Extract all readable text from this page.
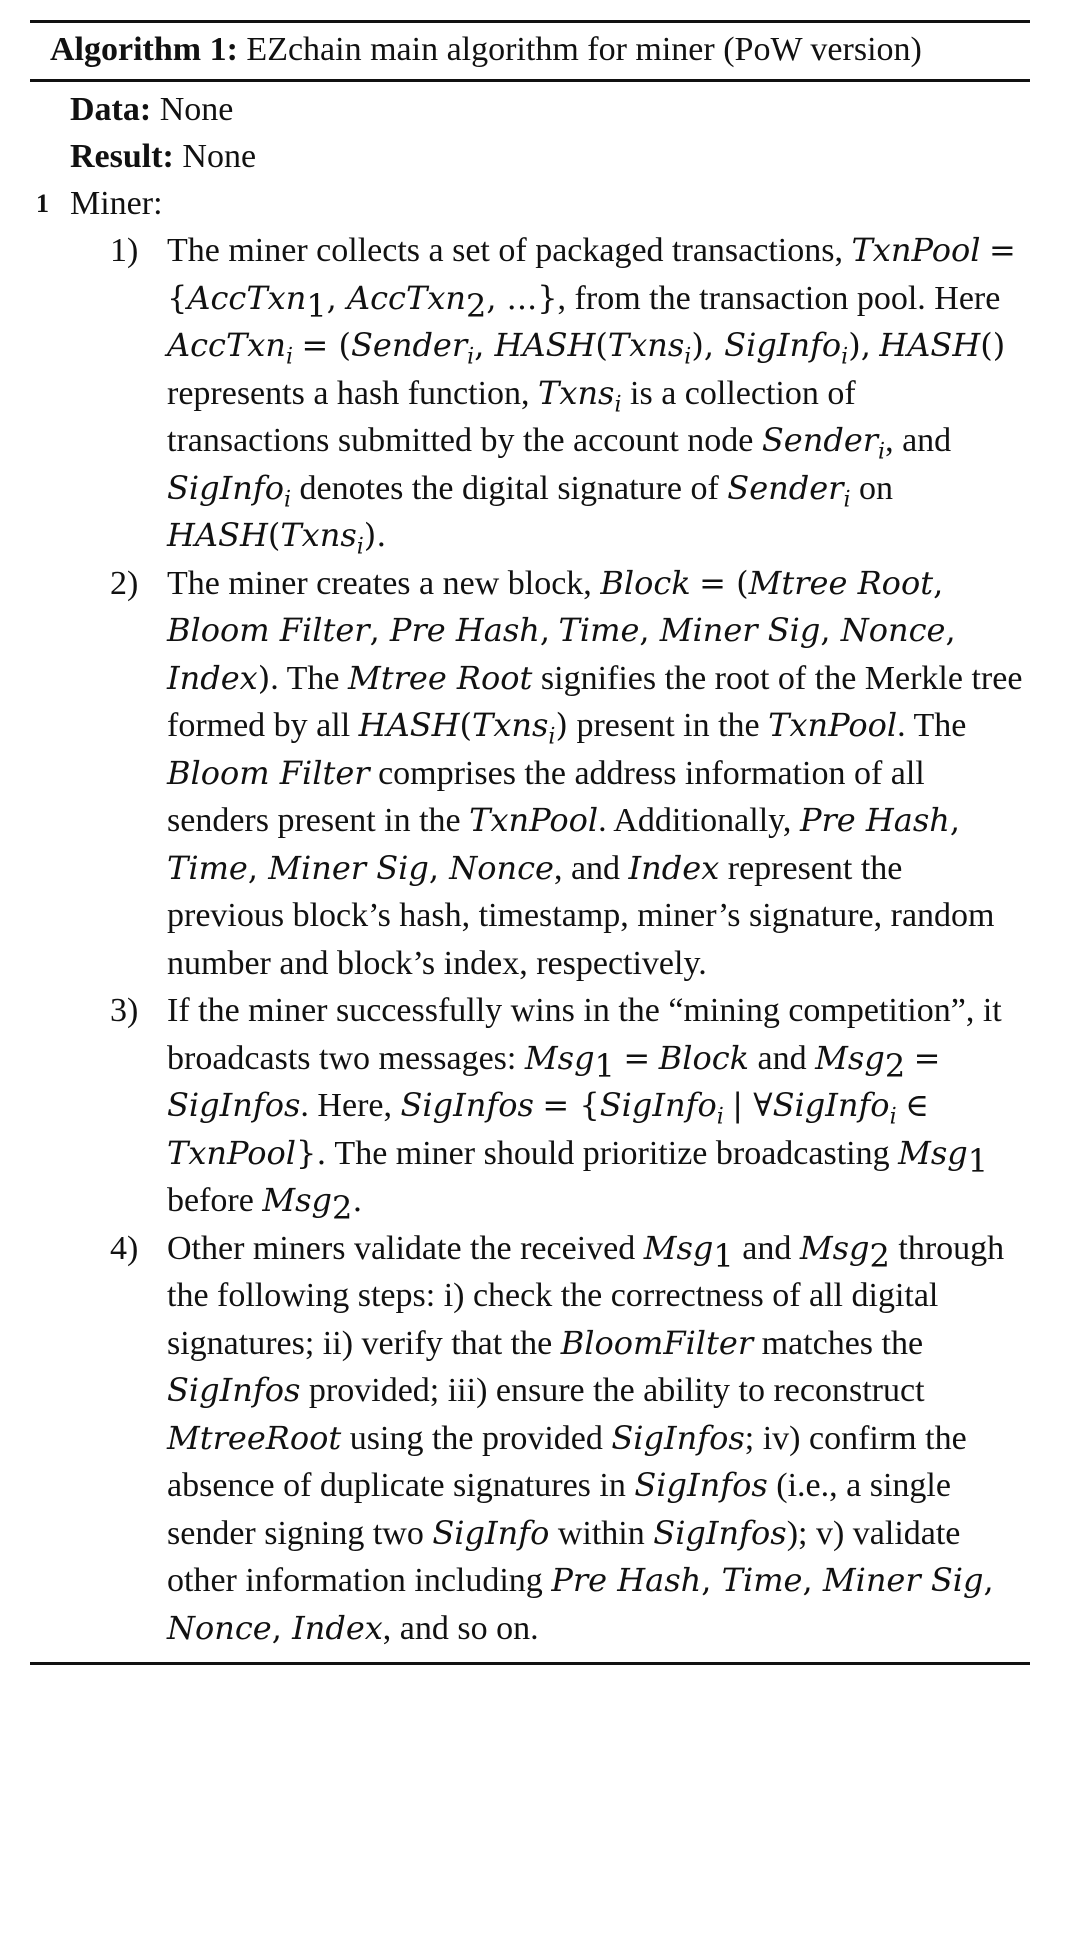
Algorithm 1: EZchain main algorithm for miner (PoW version)
Data: None
Result: None
1 Miner:
1) The miner collects a set of packaged transactions, TxnPool = {AccTxn$_1$, AccTxn$_2$, ...}, from the transaction pool. Here AccTxn$_i$ = (Sender$_i$, HASH(Txns$_i$), SigInfo$_i$), HASH() represents a hash function, Txns$_i$ is a collection of transactions submitted by the account node Sender$_i$, and SigInfo$_i$ denotes the digital signature of Sender$_i$ on HASH(Txns$_i$).
2) The miner creates a new block, Block = (Mtree Root, Bloom Filter, Pre Hash, Time, Miner Sig, Nonce, Index). The Mtree Root signifies the root of the Merkle tree formed by all HASH(Txns$_i$) present in the TxnPool. The Bloom Filter comprises the address information of all senders present in the TxnPool. Additionally, Pre Hash, Time, Miner Sig, Nonce, and Index represent the previous block’s hash, timestamp, miner’s signature, random number and block’s index, respectively.
3) If the miner successfully wins in the “mining competition”, it broadcasts two messages: Msg$_1$ = Block and Msg$_2$ = SigInfos. Here, SigInfos = {SigInfo$_i$ | ∀SigInfo$_i$ ∈ TxnPool}. The miner should prioritize broadcasting Msg$_1$ before Msg$_2$.
4) Other miners validate the received Msg$_1$ and Msg$_2$ through the following steps: i) check the correctness of all digital signatures; ii) verify that the BloomFilter matches the SigInfos provided; iii) ensure the ability to reconstruct MtreeRoot using the provided SigInfos; iv) confirm the absence of duplicate signatures in SigInfos (i.e., a single sender signing two SigInfo within SigInfos); v) validate other information including Pre Hash, Time, Miner Sig, Nonce, Index, and so on.
